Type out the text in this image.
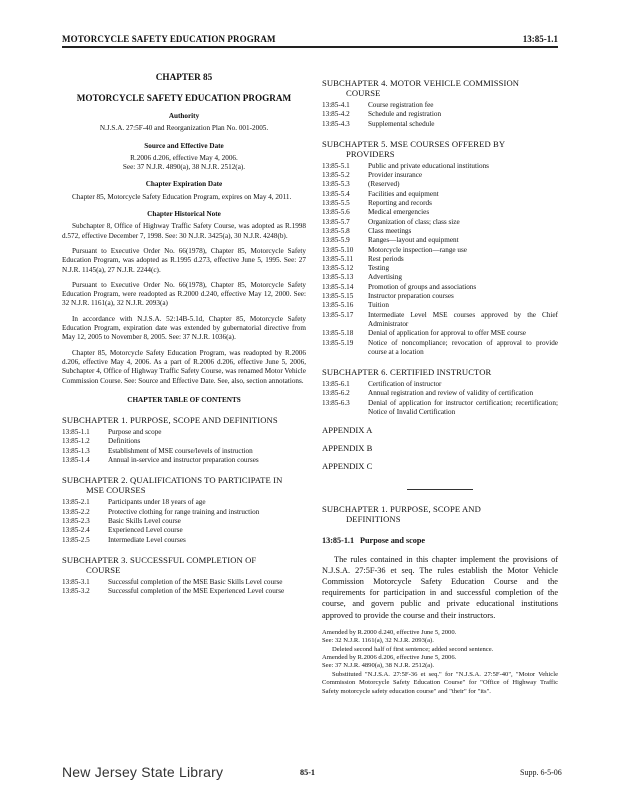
MOTORCYCLE SAFETY EDUCATION PROGRAM	13:85-1.1
CHAPTER 85
MOTORCYCLE SAFETY EDUCATION PROGRAM
Authority
N.J.S.A. 27:5F-40 and Reorganization Plan No. 001-2005.
Source and Effective Date
R.2006 d.206, effective May 4, 2006.
See: 37 N.J.R. 4890(a), 38 N.J.R. 2512(a).
Chapter Expiration Date
Chapter 85, Motorcycle Safety Education Program, expires on May 4, 2011.
Chapter Historical Note
Subchapter 8, Office of Highway Traffic Safety Course, was adopted as R.1998 d.572, effective December 7, 1998. See: 30 N.J.R. 3425(a), 30 N.J.R. 4248(b).
Pursuant to Executive Order No. 66(1978), Chapter 85, Motorcycle Safety Education Program, was adopted as R.1995 d.273, effective June 5, 1995. See: 27 N.J.R. 1145(a), 27 N.J.R. 2244(c).
Pursuant to Executive Order No. 66(1978), Chapter 85, Motorcycle Safety Education Program, were readopted as R.2000 d.240, effective May 12, 2000. See: 32 N.J.R. 1161(a), 32 N.J.R. 2093(a)
In accordance with N.J.S.A. 52:14B-5.1d, Chapter 85, Motorcycle Safety Education Program, expiration date was extended by gubernatorial directive from May 12, 2005 to November 8, 2005. See: 37 N.J.R. 1036(a).
Chapter 85, Motorcycle Safety Education Program, was readopted by R.2006 d.206, effective May 4, 2006. As a part of R.2006 d.206, effective June 5, 2006, Subchapter 4, Office of Highway Traffic Safety Course, was renamed Motor Vehicle Commission Course. See: Source and Effective Date. See, also, section annotations.
CHAPTER TABLE OF CONTENTS
SUBCHAPTER 1. PURPOSE, SCOPE AND DEFINITIONS
13:85-1.1	Purpose and scope
13:85-1.2	Definitions
13:85-1.3	Establishment of MSE course/levels of instruction
13:85-1.4	Annual in-service and instructor preparation courses
SUBCHAPTER 2. QUALIFICATIONS TO PARTICIPATE IN
MSE COURSES
13:85-2.1	Participants under 18 years of age
13:85-2.2	Protective clothing for range training and instruction
13:85-2.3	Basic Skills Level course
13:85-2.4	Experienced Level course
13:85-2.5	Intermediate Level courses
SUBCHAPTER 3. SUCCESSFUL COMPLETION OF
COURSE
13:85-3.1	Successful completion of the MSE Basic Skills Level course
13:85-3.2	Successful completion of the MSE Experienced Level course
SUBCHAPTER 4. MOTOR VEHICLE COMMISSION
COURSE
13:85-4.1	Course registration fee
13:85-4.2	Schedule and registration
13:85-4.3	Supplemental schedule
SUBCHAPTER 5. MSE COURSES OFFERED BY
PROVIDERS
13:85-5.1	Public and private educational institutions
13:85-5.2	Provider insurance
13:85-5.3	(Reserved)
13:85-5.4	Facilities and equipment
13:85-5.5	Reporting and records
13:85-5.6	Medical emergencies
13:85-5.7	Organization of class; class size
13:85-5.8	Class meetings
13:85-5.9	Ranges—layout and equipment
13:85-5.10	Motorcycle inspection—range use
13:85-5.11	Rest periods
13:85-5.12	Testing
13:85-5.13	Advertising
13:85-5.14	Promotion of groups and associations
13:85-5.15	Instructor preparation courses
13:85-5.16	Tuition
13:85-5.17	Intermediate Level MSE courses approved by the Chief Administrator
13:85-5.18	Denial of application for approval to offer MSE course
13:85-5.19	Notice of noncompliance; revocation of approval to provide course at a location
SUBCHAPTER 6. CERTIFIED INSTRUCTOR
13:85-6.1	Certification of instructor
13:85-6.2	Annual registration and review of validity of certification
13:85-6.3	Denial of application for instructor certification; recertification; Notice of Invalid Certification
APPENDIX A
APPENDIX B
APPENDIX C
SUBCHAPTER 1. PURPOSE, SCOPE AND
DEFINITIONS
13:85-1.1 Purpose and scope
The rules contained in this chapter implement the provisions of N.J.S.A. 27:5F-36 et seq. The rules establish the Motor Vehicle Commission Motorcycle Safety Education Course and the requirements for participation in and successful completion of the course, and govern public and private educational institutions approved to provide the course and their instructors.

Amended by R.2000 d.240, effective June 5, 2000.

See: 32 N.J.R. 1161(a), 32 N.J.R. 2093(a).

Deleted second half of first sentence; added second sentence.

Amended by R.2006 d.206, effective June 5, 2006.

See: 37 N.J.R. 4890(a), 38 N.J.R. 2512(a).

Substituted "N.J.S.A. 27:5F-36 et seq." for "N.J.S.A. 27:5F-40", "Motor Vehicle Commission Motorcycle Safety Education Course" for "Office of Highway Traffic Safety motorcycle safety education course" and "their" for "its".

New Jersey State Library	85-1	Supp. 6-5-06
